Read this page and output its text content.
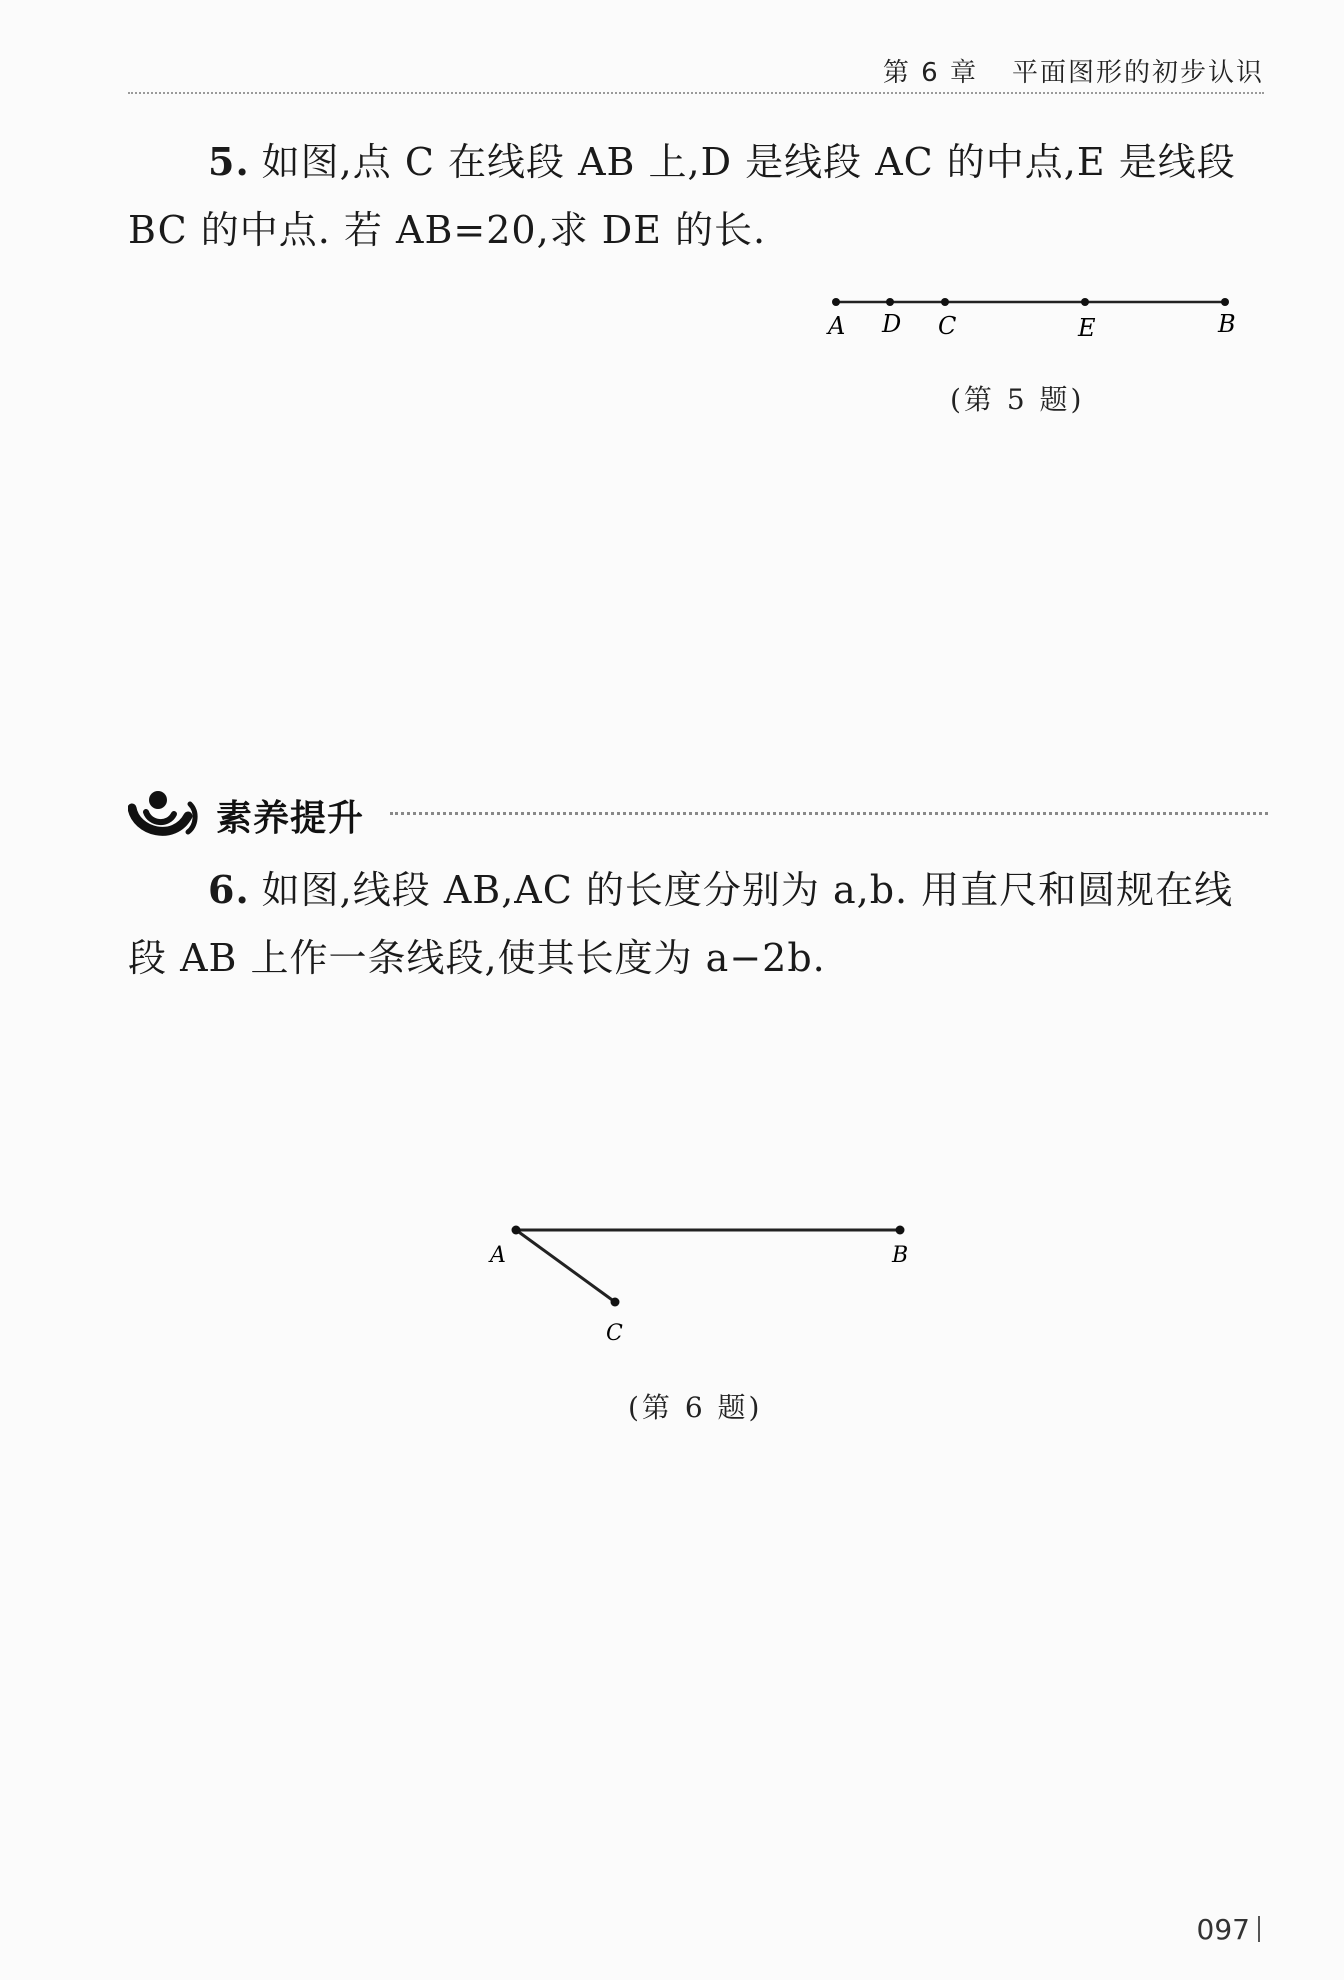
第 6 章 平面图形的初步认识
5. 如图,点 C 在线段 AB 上,D 是线段 AC 的中点,E 是线段
BC 的中点. 若 AB=20,求 DE 的长.
A D C	E	B
(第 5 题)
素养提升
6. 如图,线段 AB,AC 的长度分别为 a,b. 用直尺和圆规在线
段 AB 上作一条线段,使其长度为 a−2b.
A	B
C
(第 6 题)
097
